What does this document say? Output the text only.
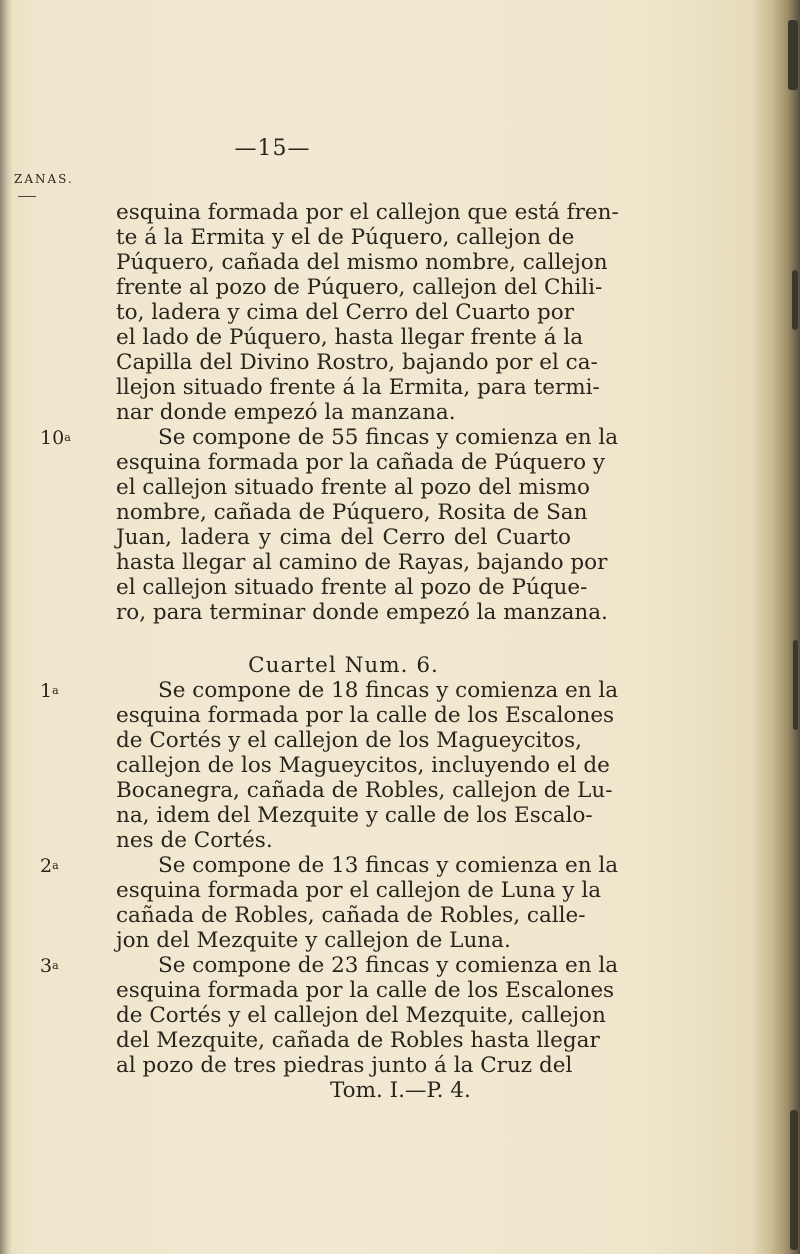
—15—
ZANAS.
esquina formada por el callejon que está fren-
te á la Ermita y el de Púquero, callejon de
Púquero, cañada del mismo nombre, callejon
frente al pozo de Púquero, callejon del Chili-
to, ladera y cima del Cerro del Cuarto por
el lado de Púquero, hasta llegar frente á la
Capilla del Divino Rostro, bajando por el ca-
llejon situado frente á la Ermita, para termi-
nar donde empezó la manzana.
10$^a$	Se compone de 55 fincas y comienza en la
esquina formada por la cañada de Púquero y
el callejon situado frente al pozo del mismo
nombre, cañada de Púquero, Rosita de San
Juan, ladera y cima del Cerro del Cuarto
hasta llegar al camino de Rayas, bajando por
el callejon situado frente al pozo de Púque-
ro, para terminar donde empezó la manzana.
Cuartel Num. 6.
1$^a$	Se compone de 18 fincas y comienza en la
esquina formada por la calle de los Escalones
de Cortés y el callejon de los Magueycitos,
callejon de los Magueycitos, incluyendo el de
Bocanegra, cañada de Robles, callejon de Lu-
na, idem del Mezquite y calle de los Escalo-
nes de Cortés.
2$^a$	Se compone de 13 fincas y comienza en la
esquina formada por el callejon de Luna y la
cañada de Robles, cañada de Robles, calle-
jon del Mezquite y callejon de Luna.
3$^a$	Se compone de 23 fincas y comienza en la
esquina formada por la calle de los Escalones
de Cortés y el callejon del Mezquite, callejon
del Mezquite, cañada de Robles hasta llegar
al pozo de tres piedras junto á la Cruz del
Tom. I.—P. 4.
